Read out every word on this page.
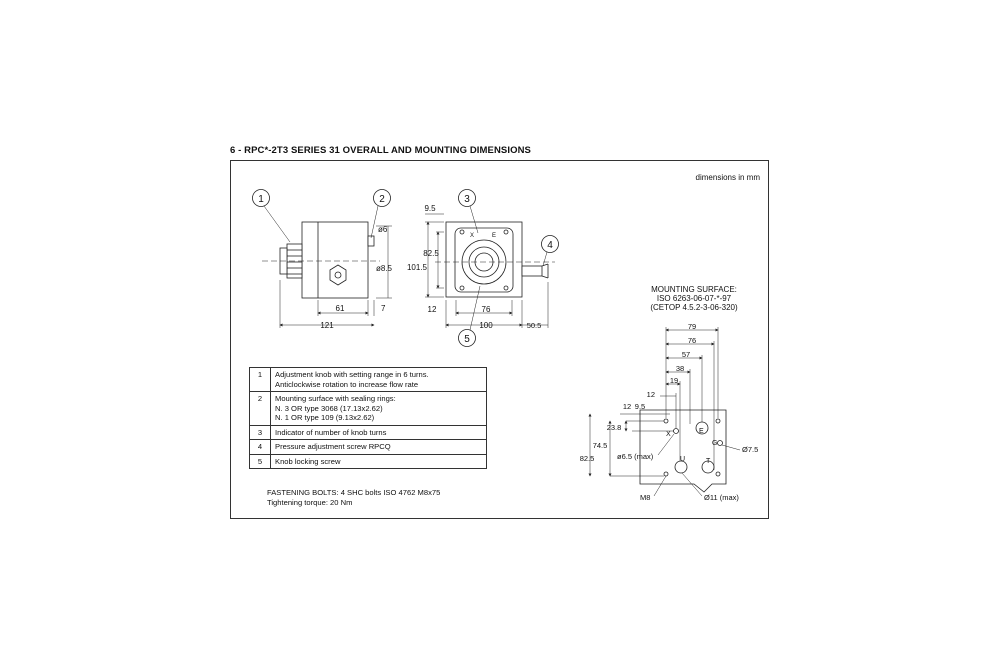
6 - RPC*-2T3 SERIES 31 OVERALL AND MOUNTING DIMENSIONS
dimensions in mm
ø6
ø8.5
61	7
121
1	2
X	E
9.5
82.5
101.5
12	76
100	50.5
3
4
5
MOUNTING SURFACE:
ISO 6263-06-07-*-97
(CETOP 4.5.2-3-06-320)
X	E
G
U	T
79
76
57
38
19
12
12 9.5
23.8
74.5
82.5	ø6.5 (max)
Ø7.5
M8	Ø11 (max)
1	Adjustment knob with setting range in 6 turns.
Anticlockwise rotation to increase flow rate

2	Mounting surface with sealing rings:
N. 3 OR type 3068 (17.13x2.62)
N. 1 OR type 109 (9.13x2.62)

3	Indicator of number of knob turns

4	Pressure adjustment screw RPCQ

5	Knob locking screw
FASTENING BOLTS: 4 SHC bolts ISO 4762 M8x75
Tightening torque: 20 Nm
